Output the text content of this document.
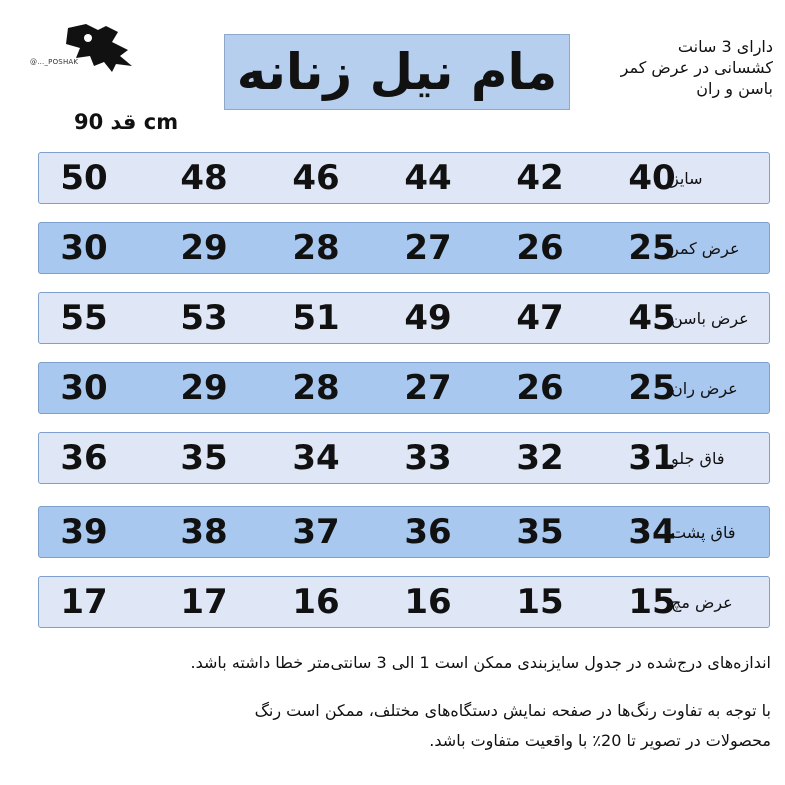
@..._POSHAK	مام نیل زنانه	دارای 3 سانت
کشسانی در عرض کمر
باسن و ران
قد 90 cm
سایز
40
42
44
46
48
50
عرض کمر
25
26
27
28
29
30
عرض باسن
45
47
49
51
53
55
عرض ران
25
26
27
28
29
30
فاق جلو
31
32
33
34
35
36
فاق پشت
34
35
36
37
38
39
عرض مچ
15
15
16
16
17
17
اندازه‌های درج‌شده در جدول سایزبندی ممکن است 1 الی 3 سانتی‌متر خطا داشته باشد.
با توجه به تفاوت رنگ‌ها در صفحه نمایش دستگاه‌های مختلف، ممکن است رنگ
محصولات در تصویر تا 20٪ با واقعیت متفاوت باشد.
